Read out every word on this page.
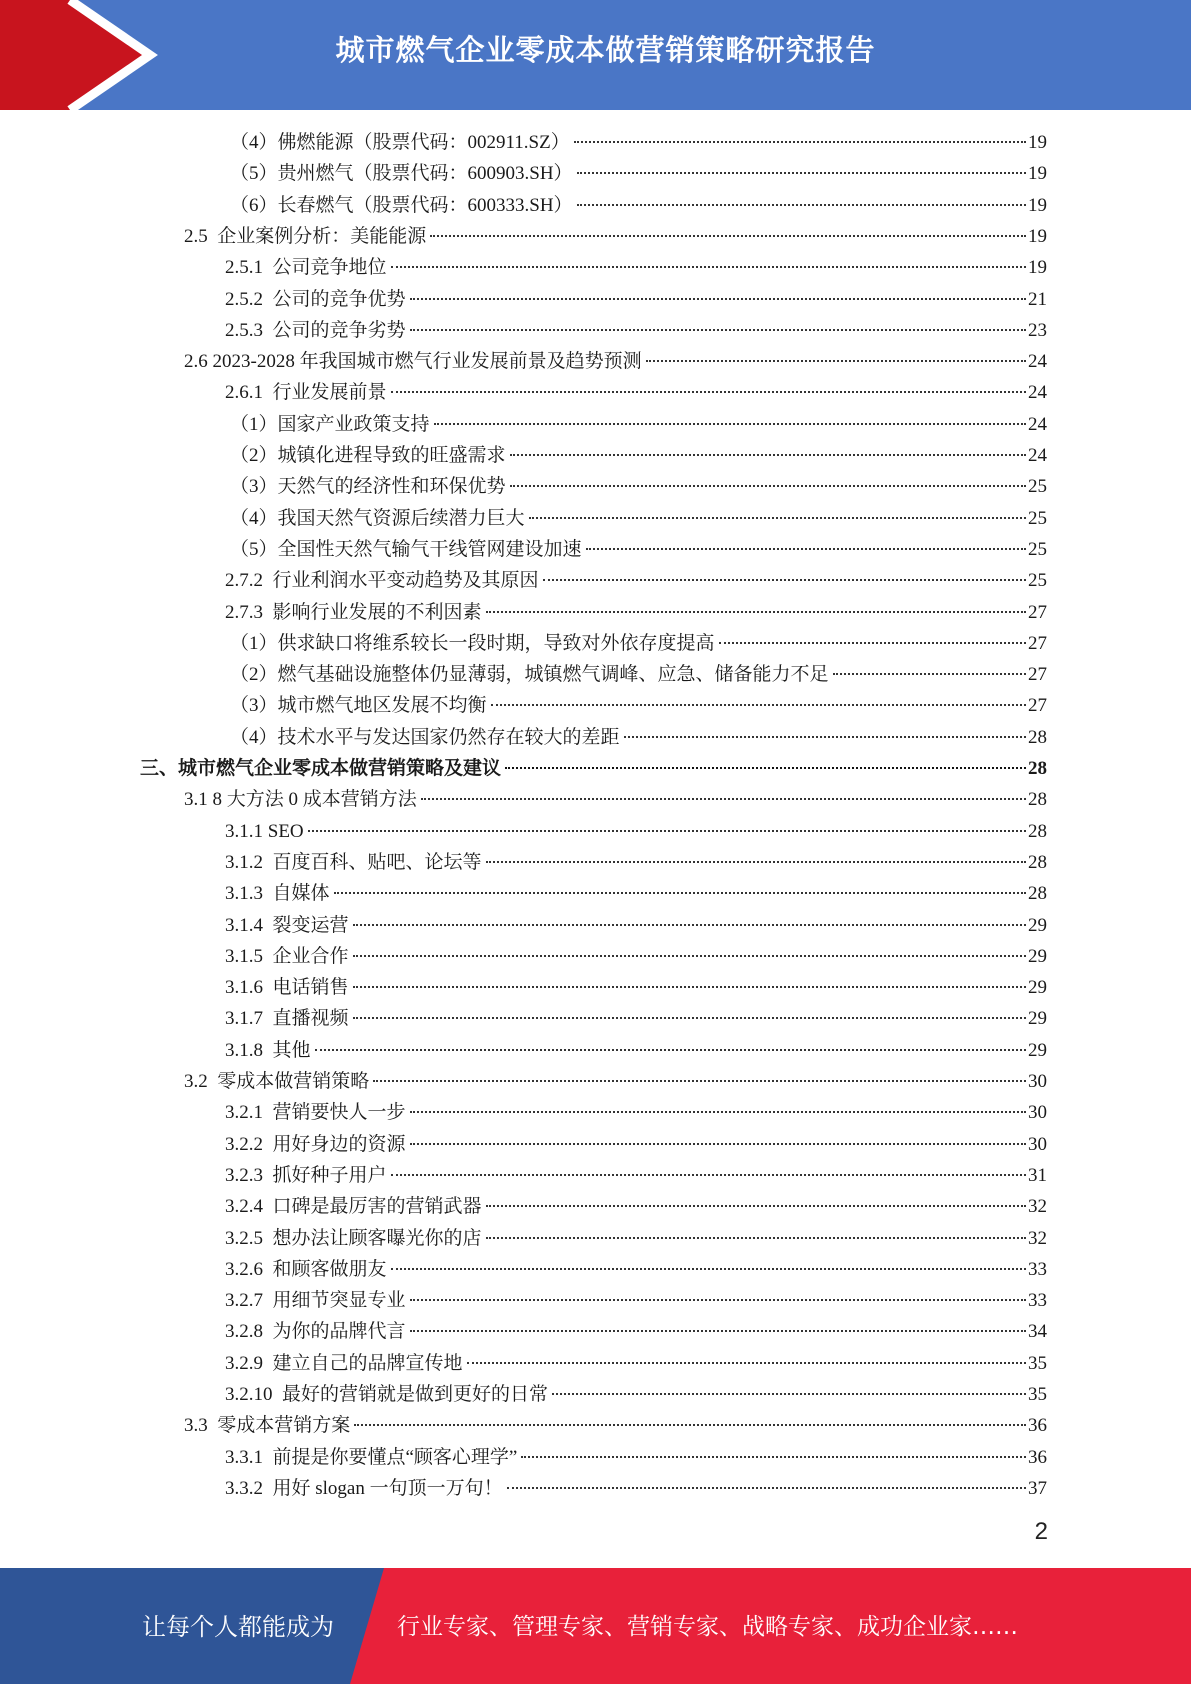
城市燃气企业零成本做营销策略研究报告
（4）佛燃能源（股票代码：002911.SZ）	19
（5）贵州燃气（股票代码：600903.SH）	19
（6）长春燃气（股票代码：600333.SH）	19
2.5  企业案例分析：美能能源	19
2.5.1  公司竞争地位	19
2.5.2  公司的竞争优势	21
2.5.3  公司的竞争劣势	23
2.6 2023-2028 年我国城市燃气行业发展前景及趋势预测	24
2.6.1  行业发展前景	24
（1）国家产业政策支持	24
（2）城镇化进程导致的旺盛需求	24
（3）天然气的经济性和环保优势	25
（4）我国天然气资源后续潜力巨大	25
（5）全国性天然气输气干线管网建设加速	25
2.7.2  行业利润水平变动趋势及其原因	25
2.7.3  影响行业发展的不利因素	27
（1）供求缺口将维系较长一段时期，导致对外依存度提高	27
（2）燃气基础设施整体仍显薄弱，城镇燃气调峰、应急、储备能力不足	27
（3）城市燃气地区发展不均衡	27
（4）技术水平与发达国家仍然存在较大的差距	28
三、城市燃气企业零成本做营销策略及建议	28
3.1 8 大方法 0 成本营销方法	28
3.1.1 SEO	28
3.1.2  百度百科、贴吧、论坛等	28
3.1.3  自媒体	28
3.1.4  裂变运营	29
3.1.5  企业合作	29
3.1.6  电话销售	29
3.1.7  直播视频	29
3.1.8  其他	29
3.2  零成本做营销策略	30
3.2.1  营销要快人一步	30
3.2.2  用好身边的资源	30
3.2.3  抓好种子用户	31
3.2.4  口碑是最厉害的营销武器	32
3.2.5  想办法让顾客曝光你的店	32
3.2.6  和顾客做朋友	33
3.2.7  用细节突显专业	33
3.2.8  为你的品牌代言	34
3.2.9  建立自己的品牌宣传地	35
3.2.10  最好的营销就是做到更好的日常	35
3.3  零成本营销方案	36
3.3.1  前提是你要懂点“顾客心理学”	36
3.3.2  用好 slogan 一句顶一万句！	37
2
让每个人都能成为	行业专家、管理专家、营销专家、战略专家、成功企业家……
